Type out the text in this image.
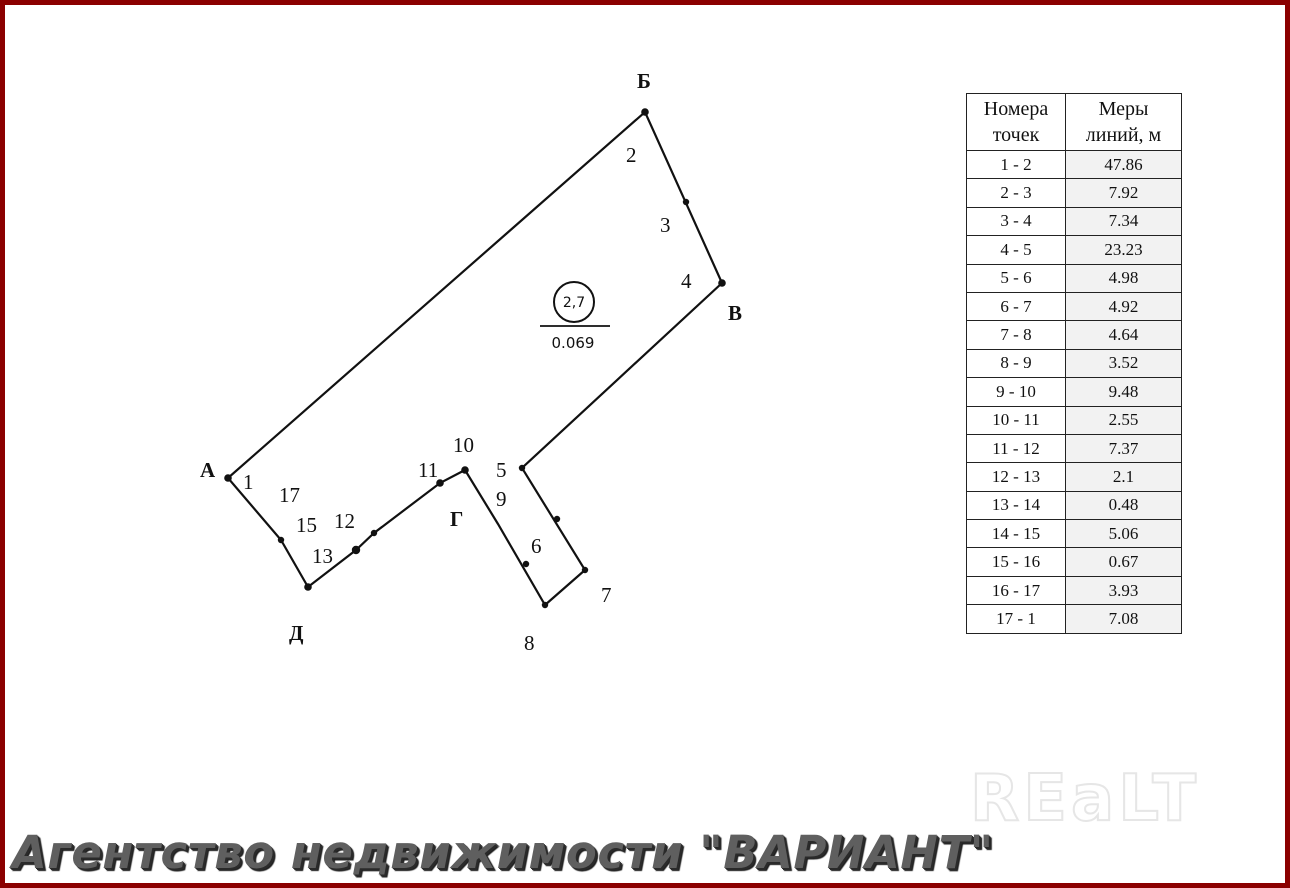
А
Б
В
Г
Д
1
2
3
4
5
6
7
8
9
10
11
12
13
15
17
2,7
0.069
Номера точек	Меры линий, м
1 - 2	47.86
2 - 3	7.92
3 - 4	7.34
4 - 5	23.23
5 - 6	4.98
6 - 7	4.92
7 - 8	4.64
8 - 9	3.52
9 - 10	9.48
10 - 11	2.55
11 - 12	7.37
12 - 13	2.1
13 - 14	0.48
14 - 15	5.06
15 - 16	0.67
16 - 17	3.93
17 - 1	7.08
REaLT
Агентство недвижимости "ВАРИАНТ"
